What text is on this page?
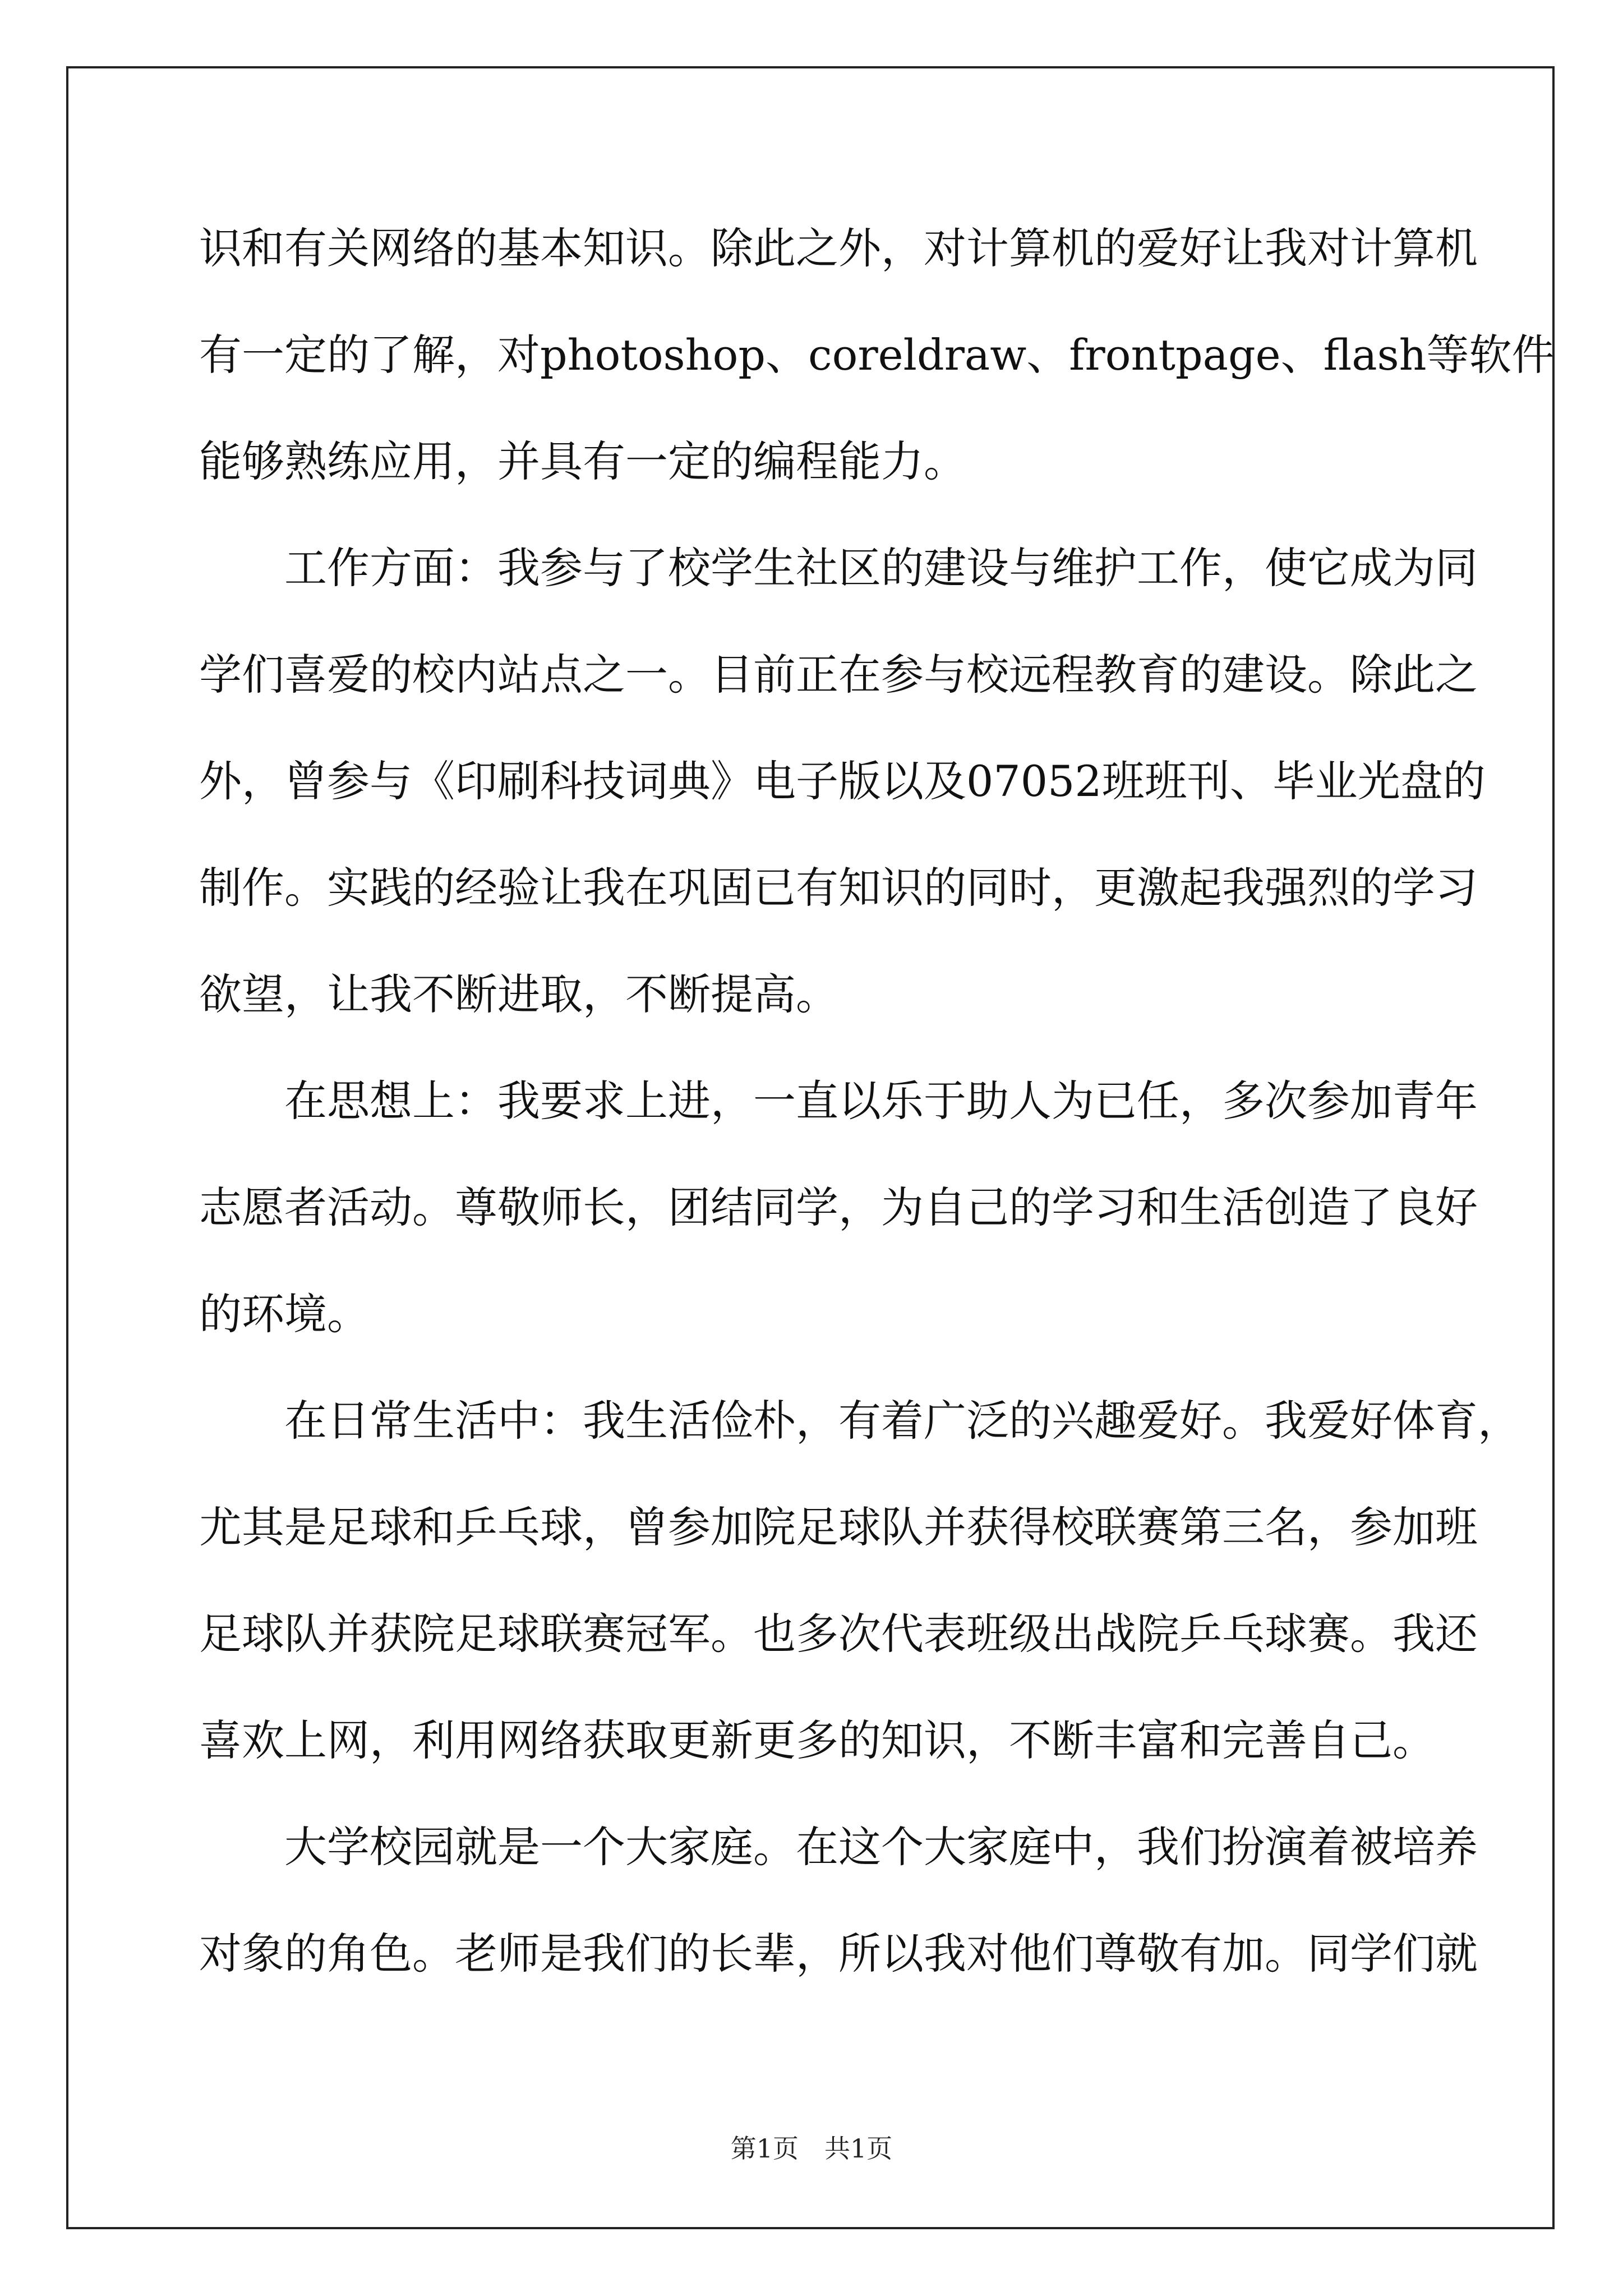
识和有关网络的基本知识。除此之外，对计算机的爱好让我对计算机
有一定的了解，对photoshop、coreldraw、frontpage、flash等软件
能够熟练应用，并具有一定的编程能力。
　　工作方面：我参与了校学生社区的建设与维护工作，使它成为同
学们喜爱的校内站点之一。目前正在参与校远程教育的建设。除此之
外，曾参与《印刷科技词典》电子版以及07052班班刊、毕业光盘的
制作。实践的经验让我在巩固已有知识的同时，更激起我强烈的学习
欲望，让我不断进取，不断提高。
　　在思想上：我要求上进，一直以乐于助人为已任，多次参加青年
志愿者活动。尊敬师长，团结同学，为自己的学习和生活创造了良好
的环境。
　　在日常生活中：我生活俭朴，有着广泛的兴趣爱好。我爱好体育，
尤其是足球和乒乓球，曾参加院足球队并获得校联赛第三名，参加班
足球队并获院足球联赛冠军。也多次代表班级出战院乒乓球赛。我还
喜欢上网，利用网络获取更新更多的知识，不断丰富和完善自己。
　　大学校园就是一个大家庭。在这个大家庭中，我们扮演着被培养
对象的角色。老师是我们的长辈，所以我对他们尊敬有加。同学们就
第1页　共1页
